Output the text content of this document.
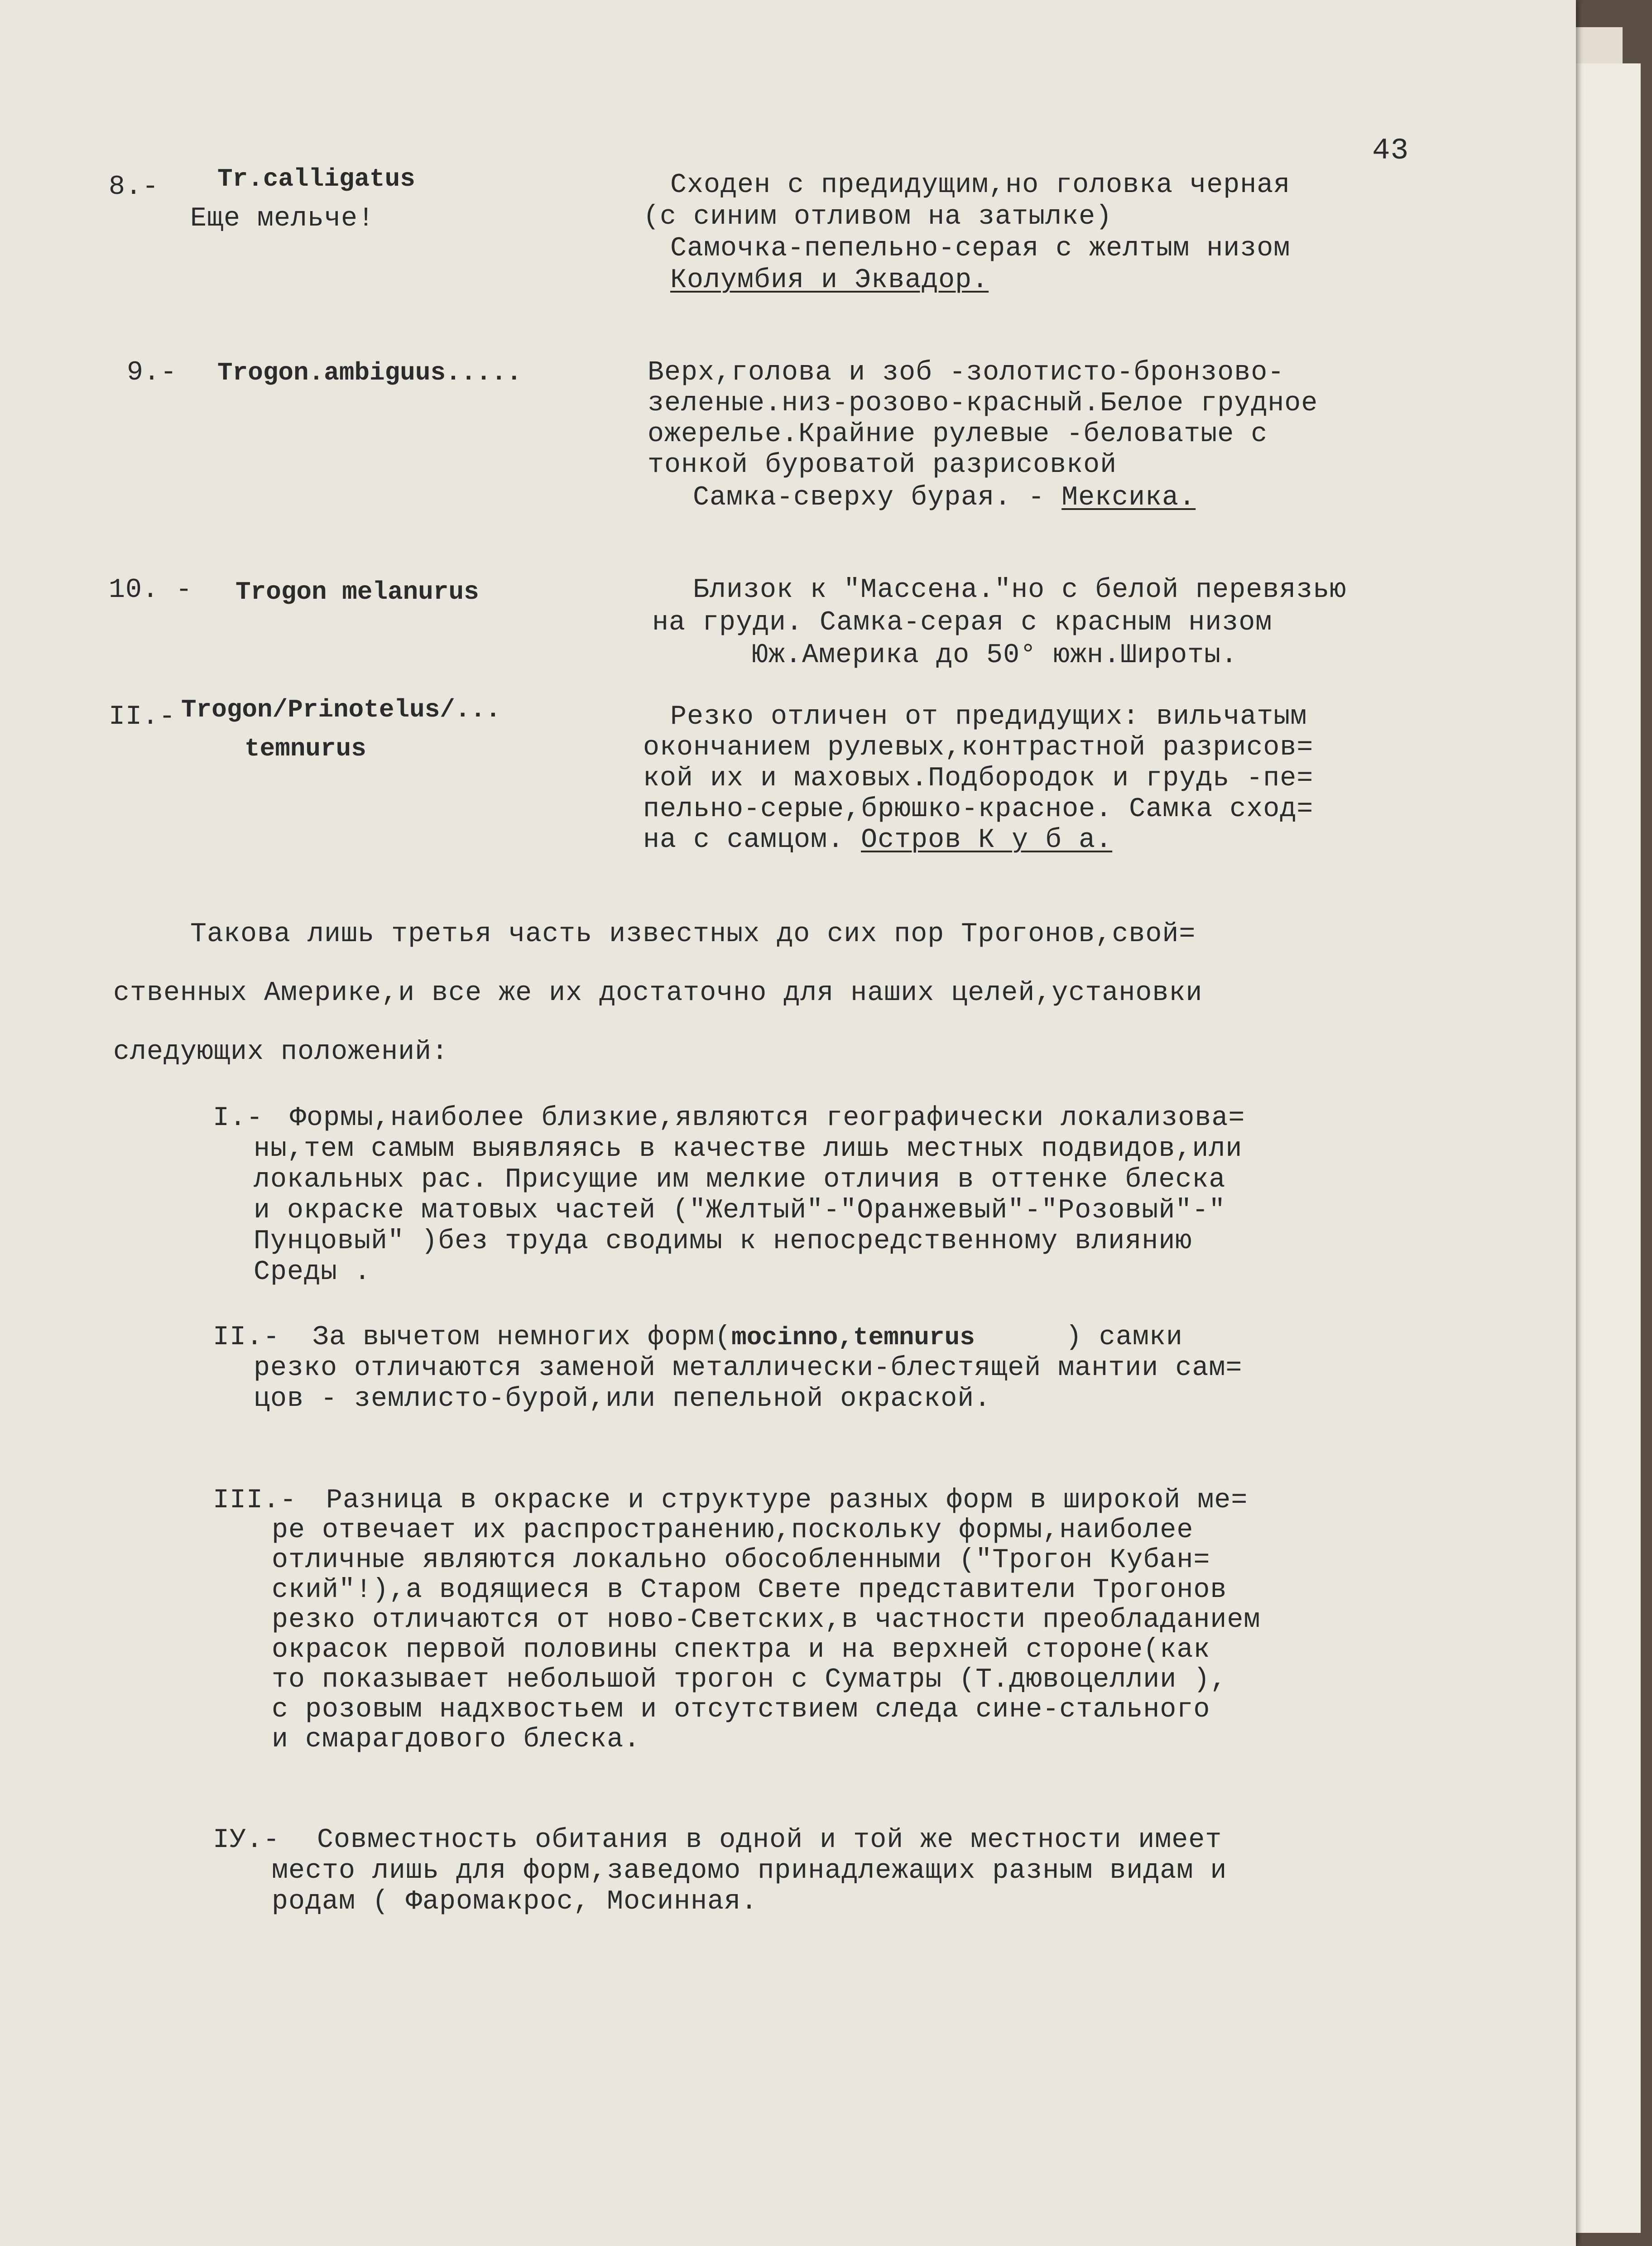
43
8.- Tr.calligatus
Еще мельче!
Сходен с предидущим,но головка черная
(с синим отливом на затылке)
Самочка-пепельно-серая с желтым низом
Колумбия и Эквадор.
9.- Trogon.ambiguus.....	Верх,голова и зоб -золотисто-бронзово-
зеленые.низ-розово-красный.Белое грудное
ожерелье.Крайние рулевые -беловатые с
тонкой буроватой разрисовкой
Самка-сверху бурая. - Мексика.
10. - Trogon melanurus	Близок к "Массена."но с белой перевязью
на груди. Самка-серая с красным низом
Юж.Америка до 50° южн.Широты.
II.- Trogon/Prinotelus/...
temnurus
Резко отличен от предидущих: вильчатым
окончанием рулевых,контрастной разрисов=
кой их и маховых.Подбородок и грудь -пе=
пельно-серые,брюшко-красное. Самка сход=
на с самцом. Остров К у б а.
Такова лишь третья часть известных до сих пор Трогонов,свой=
ственных Америке,и все же их достаточно для наших целей,установки
следующих положений:
I.- Формы,наиболее близкие,являются географически локализова=
ны,тем самым выявляясь в качестве лишь местных подвидов,или
локальных рас. Присущие им мелкие отличия в оттенке блеска
и окраске матовых частей ("Желтый"-"Оранжевый"-"Розовый"-"
Пунцовый" )без труда сводимы к непосредственному влиянию
Среды .
II.- За вычетом немногих форм(mocinno,temnurus	) самки
резко отличаются заменой металлически-блестящей мантии сам=
цов - землисто-бурой,или пепельной окраской.
III.- Разница в окраске и структуре разных форм в широкой ме=
ре отвечает их распространению,поскольку формы,наиболее
отличные являются локально обособленными ("Трогон Кубан=
ский"!),а водящиеся в Старом Свете представители Трогонов
резко отличаются от ново-Светских,в частности преобладанием
окрасок первой половины спектра и на верхней стороне(как
то показывает небольшой трогон с Суматры (Т.дювоцеллии ),
с розовым надхвостьем и отсутствием следа сине-стального
и смарагдового блеска.
IУ.- Совместность обитания в одной и той же местности имеет
место лишь для форм,заведомо принадлежащих разным видам и
родам ( Фаромакрос, Мосинная.
